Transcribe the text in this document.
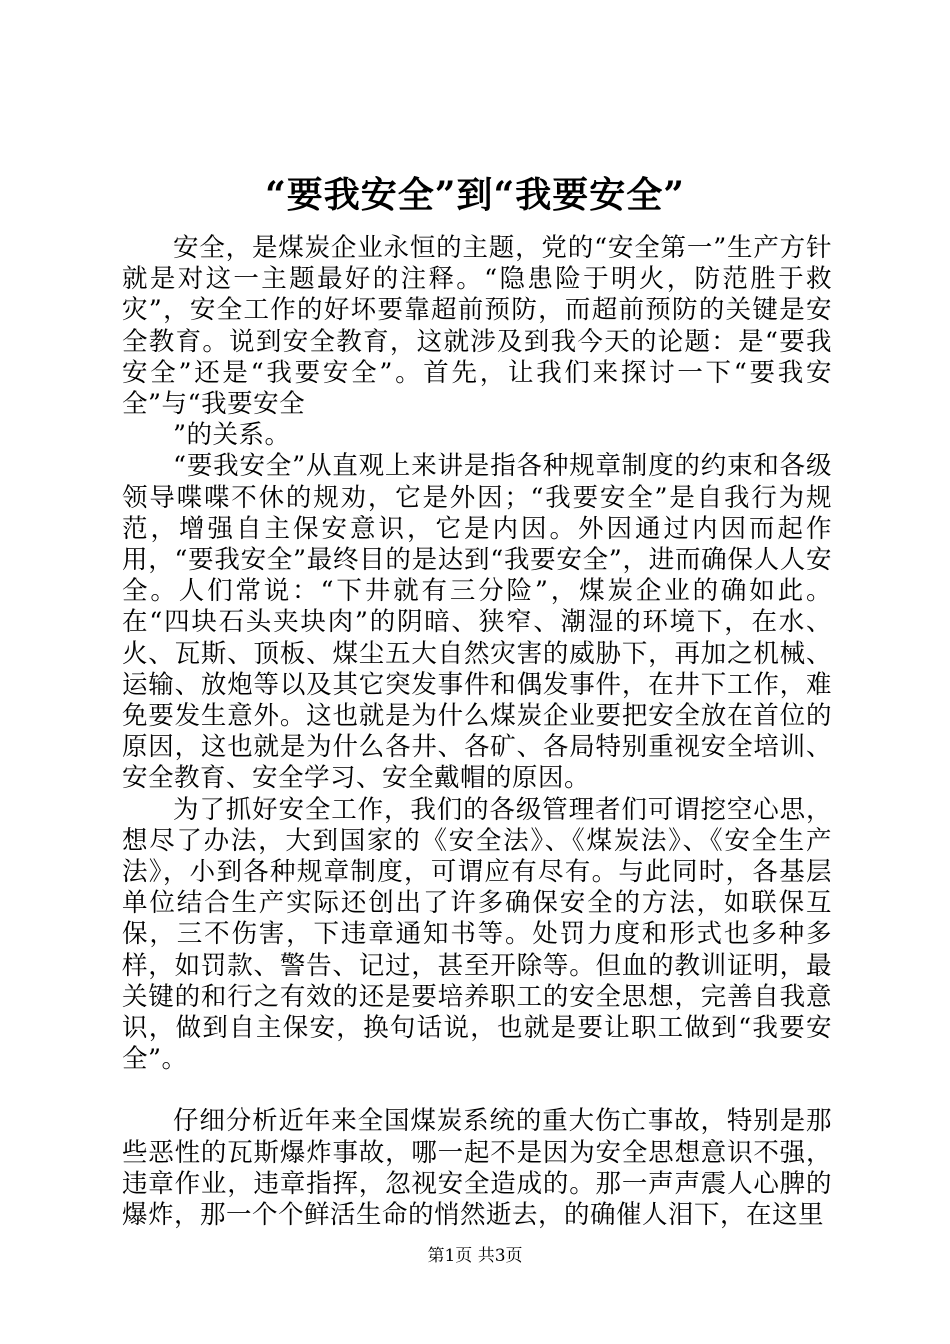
“要我安全”到“我要安全”

安全，是煤炭企业永恒的主题，党的“安全第一”生产方针就是对这一主题最好的注释。“隐患险于明火，防范胜于救灾”，安全工作的好坏要靠超前预防，而超前预防的关键是安全教育。说到安全教育，这就涉及到我今天的论题：是“要我安全”还是“我要安全”。首先，让我们来探讨一下“要我安全”与“我要安全

”的关系。

“要我安全”从直观上来讲是指各种规章制度的约束和各级领导喋喋不休的规劝，它是外因；“我要安全”是自我行为规范，增强自主保安意识，它是内因。外因通过内因而起作用，“要我安全”最终目的是达到“我要安全”，进而确保人人安全。人们常说：“下井就有三分险”，煤炭企业的确如此。在“四块石头夹块肉”的阴暗、狭窄、潮湿的环境下，在水、火、瓦斯、顶板、煤尘五大自然灾害的威胁下，再加之机械、运输、放炮等以及其它突发事件和偶发事件，在井下工作，难免要发生意外。这也就是为什么煤炭企业要把安全放在首位的原因，这也就是为什么各井、各矿、各局特别重视安全培训、安全教育、安全学习、安全戴帽的原因。

为了抓好安全工作，我们的各级管理者们可谓挖空心思，想尽了办法，大到国家的《安全法》、《煤炭法》、《安全生产法》，小到各种规章制度，可谓应有尽有。与此同时，各基层单位结合生产实际还创出了许多确保安全的方法，如联保互保，三不伤害，下违章通知书等。处罚力度和形式也多种多样，如罚款、警告、记过，甚至开除等。但血的教训证明，最关键的和行之有效的还是要培养职工的安全思想，完善自我意识，做到自主保安，换句话说，也就是要让职工做到“我要安全”。

仔细分析近年来全国煤炭系统的重大伤亡事故，特别是那些恶性的瓦斯爆炸事故，哪一起不是因为安全思想意识不强，违章作业，违章指挥，忽视安全造成的。那一声声震人心脾的爆炸，那一个个鲜活生命的悄然逝去，的确催人泪下，在这里

第1页 共3页
